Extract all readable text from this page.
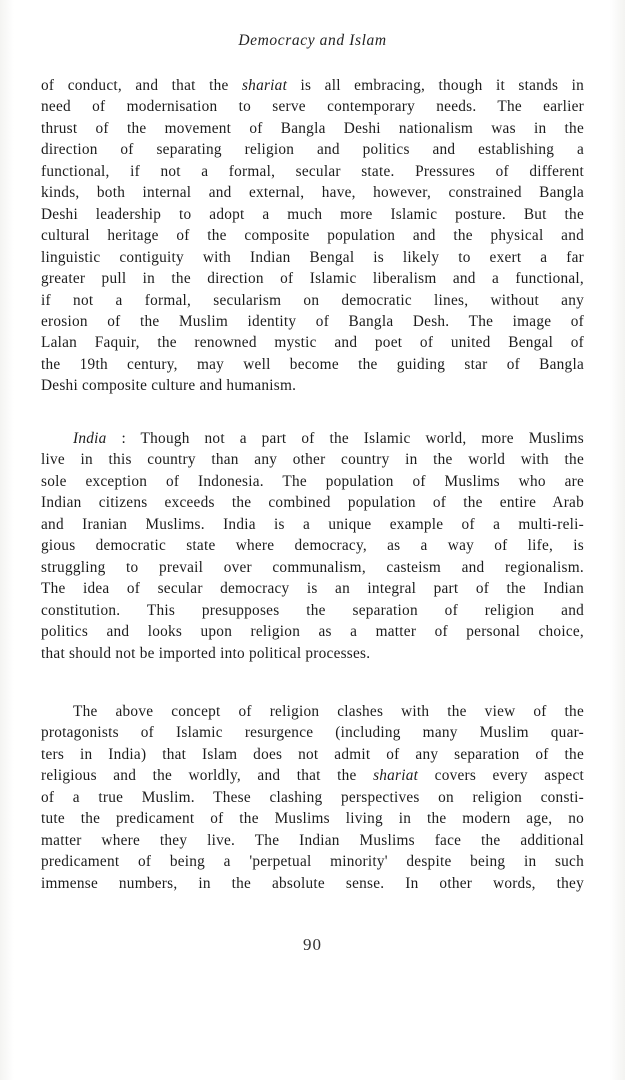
Democracy and Islam
of conduct, and that the shariat is all embracing, though it stands in
need of modernisation to serve contemporary needs. The earlier
thrust of the movement of Bangla Deshi nationalism was in the
direction of separating religion and politics and establishing a
functional, if not a formal, secular state. Pressures of different
kinds, both internal and external, have, however, constrained Bangla
Deshi leadership to adopt a much more Islamic posture. But the
cultural heritage of the composite population and the physical and
linguistic contiguity with Indian Bengal is likely to exert a far
greater pull in the direction of Islamic liberalism and a functional,
if not a formal, secularism on democratic lines, without any
erosion of the Muslim identity of Bangla Desh. The image of
Lalan Faquir, the renowned mystic and poet of united Bengal of
the 19th century, may well become the guiding star of Bangla
Deshi composite culture and humanism.
India : Though not a part of the Islamic world, more Muslims
live in this country than any other country in the world with the
sole exception of Indonesia. The population of Muslims who are
Indian citizens exceeds the combined population of the entire Arab
and Iranian Muslims. India is a unique example of a multi-reli-
gious democratic state where democracy, as a way of life, is
struggling to prevail over communalism, casteism and regionalism.
The idea of secular democracy is an integral part of the Indian
constitution. This presupposes the separation of religion and
politics and looks upon religion as a matter of personal choice,
that should not be imported into political processes.
The above concept of religion clashes with the view of the
protagonists of Islamic resurgence (including many Muslim quar-
ters in India) that Islam does not admit of any separation of the
religious and the worldly, and that the shariat covers every aspect
of a true Muslim. These clashing perspectives on religion consti-
tute the predicament of the Muslims living in the modern age, no
matter where they live. The Indian Muslims face the additional
predicament of being a 'perpetual minority' despite being in such
immense numbers, in the absolute sense. In other words, they
90
